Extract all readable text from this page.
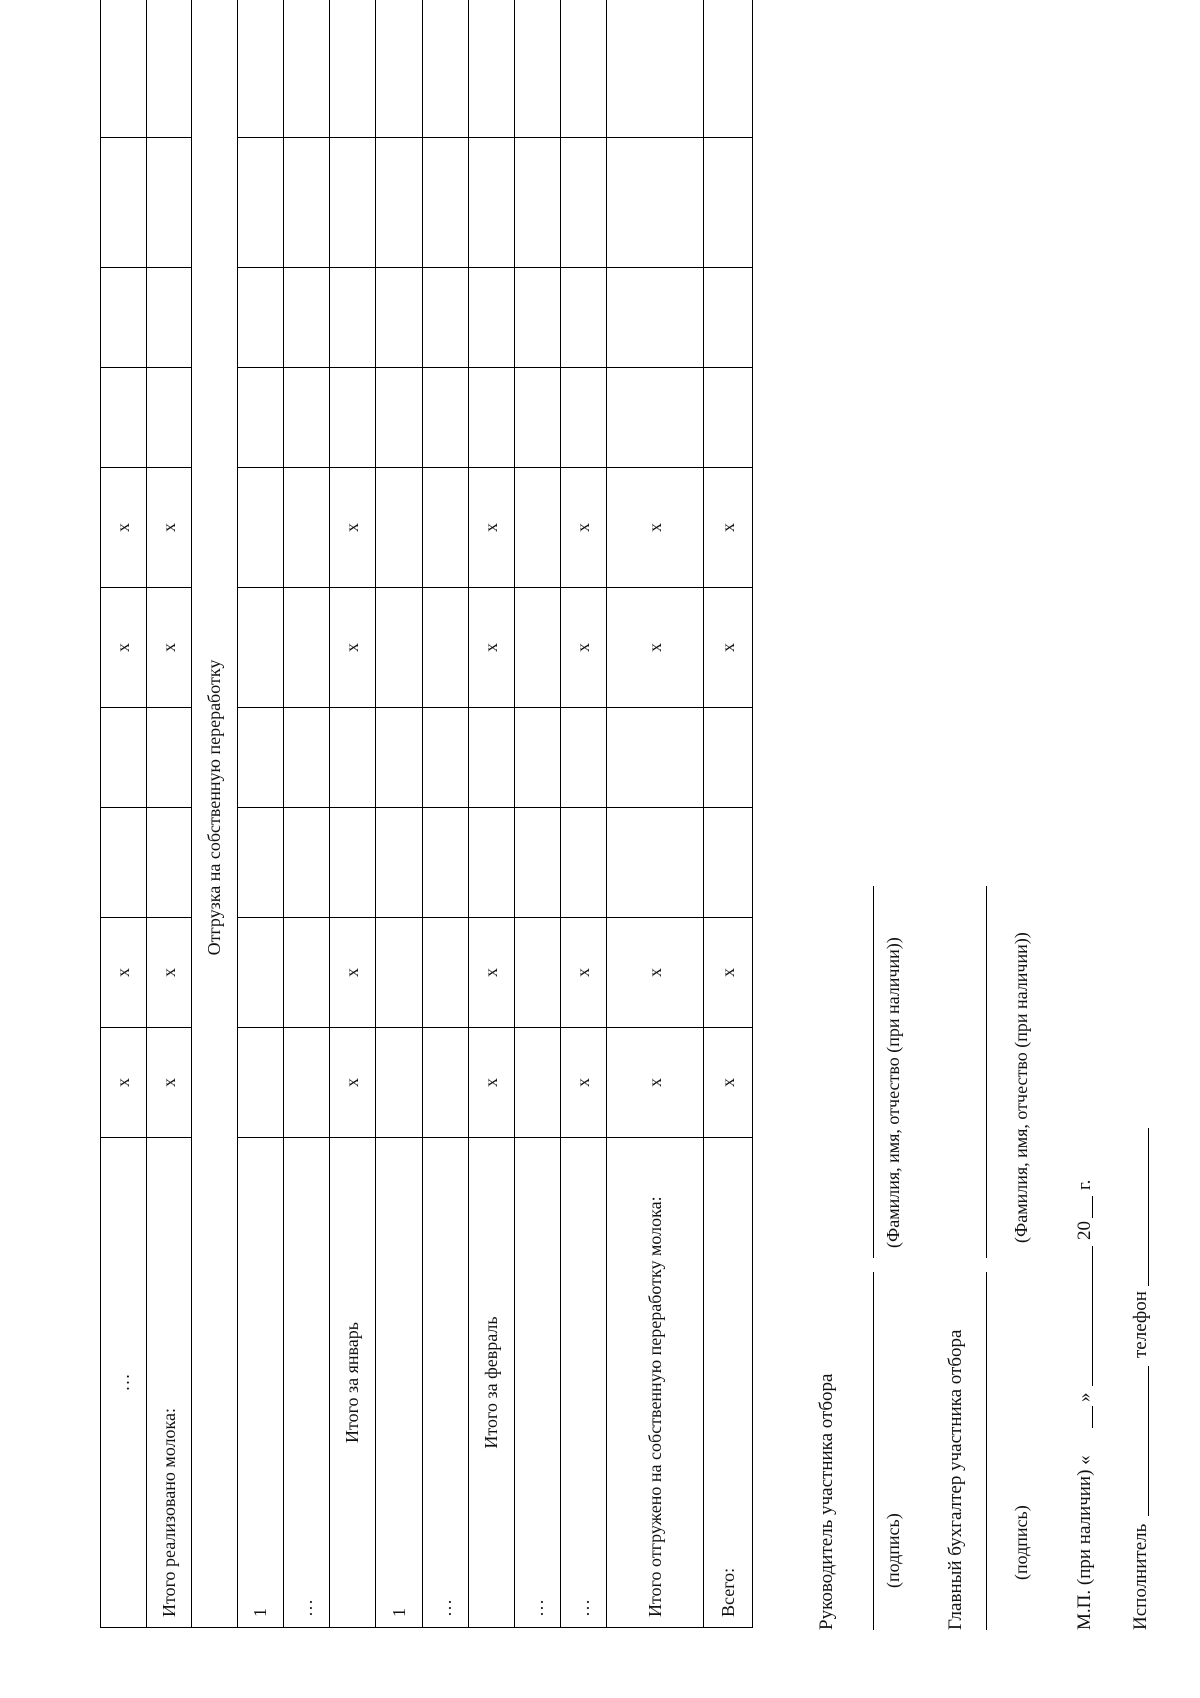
…	x	x			x	x				
Итого реализовано молока:	x	x			x	x				
Отгрузка на собственную переработку										
1										
…										
Итого за январь	x	x			x	x				
1										
…										
Итого за февраль	x	x			x	x				
…										
…	x	x			x	x				
Итого отгружено на собственную переработку молока:	x	x			x	x				
Всего:	x	x			x	x				
Руководитель участника отбора	(подпись)
(Фамилия, имя, отчество (при наличии))
Главный бухгалтер участника отбора	(подпись)
(Фамилия, имя, отчество (при наличии))
М.П. (при наличии) «
»
20
г.
Исполнитель
телефон
